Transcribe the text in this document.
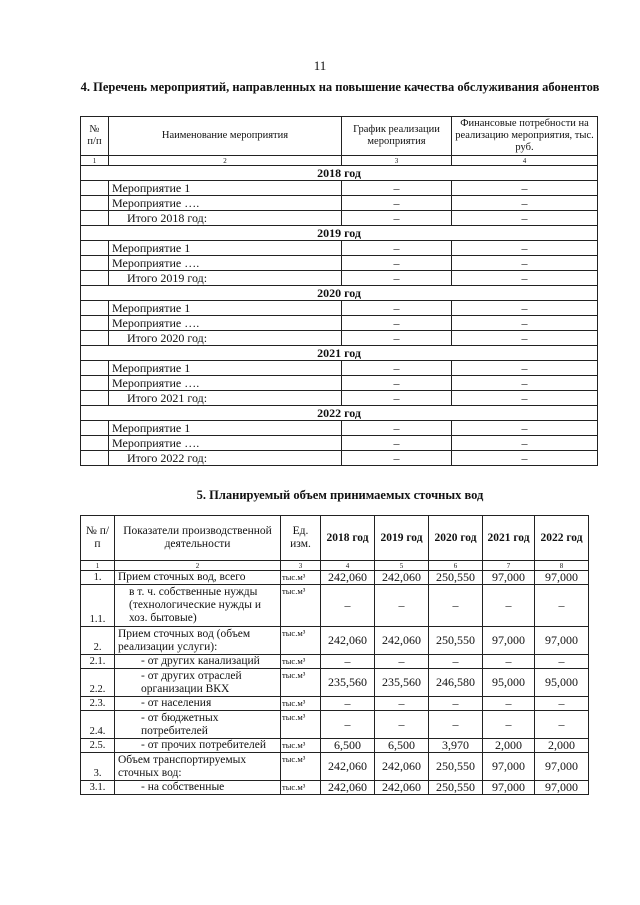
11
4. Перечень мероприятий, направленных на повышение качества обслуживания абонентов
№ п/п	Наименование мероприятия	График реализации мероприятия	Финансовые потребности на реализацию мероприятия, тыс. руб.
1	2	3	4
2018 год			
	Мероприятие 1	–	–
	Мероприятие ….	–	–
	Итого 2018 год:	–	–
2019 год			
	Мероприятие 1	–	–
	Мероприятие ….	–	–
	Итого 2019 год:	–	–
2020 год			
	Мероприятие 1	–	–
	Мероприятие ….	–	–
	Итого 2020 год:	–	–
2021 год			
	Мероприятие 1	–	–
	Мероприятие ….	–	–
	Итого 2021 год:	–	–
2022 год			
	Мероприятие 1	–	–
	Мероприятие ….	–	–
	Итого 2022 год:	–	–
5. Планируемый объем принимаемых сточных вод
№ п/п	Показатели производственной деятельности	Ед. изм.	2018 год	2019 год	2020 год	2021 год	2022 год
1	2	3	4	5	6	7	8
1.	Прием сточных вод, всего	тыс.м³	242,060	242,060	250,550	97,000	97,000
1.1.	в т. ч. собственные нужды (технологические нужды и хоз. бытовые)	тыс.м³	–	–	–	–	–
2.	Прием сточных вод (объем реализации услуги):	тыс.м³	242,060	242,060	250,550	97,000	97,000
2.1.	- от других канализаций	тыс.м³	–	–	–	–	–
2.2.	- от других отраслей организации ВКХ	тыс.м³	235,560	235,560	246,580	95,000	95,000
2.3.	- от населения	тыс.м³	–	–	–	–	–
2.4.	- от бюджетных потребителей	тыс.м³	–	–	–	–	–
2.5.	- от прочих потребителей	тыс.м³	6,500	6,500	3,970	2,000	2,000
3.	Объем транспортируемых сточных вод:	тыс.м³	242,060	242,060	250,550	97,000	97,000
3.1.	- на собственные	тыс.м³	242,060	242,060	250,550	97,000	97,000
